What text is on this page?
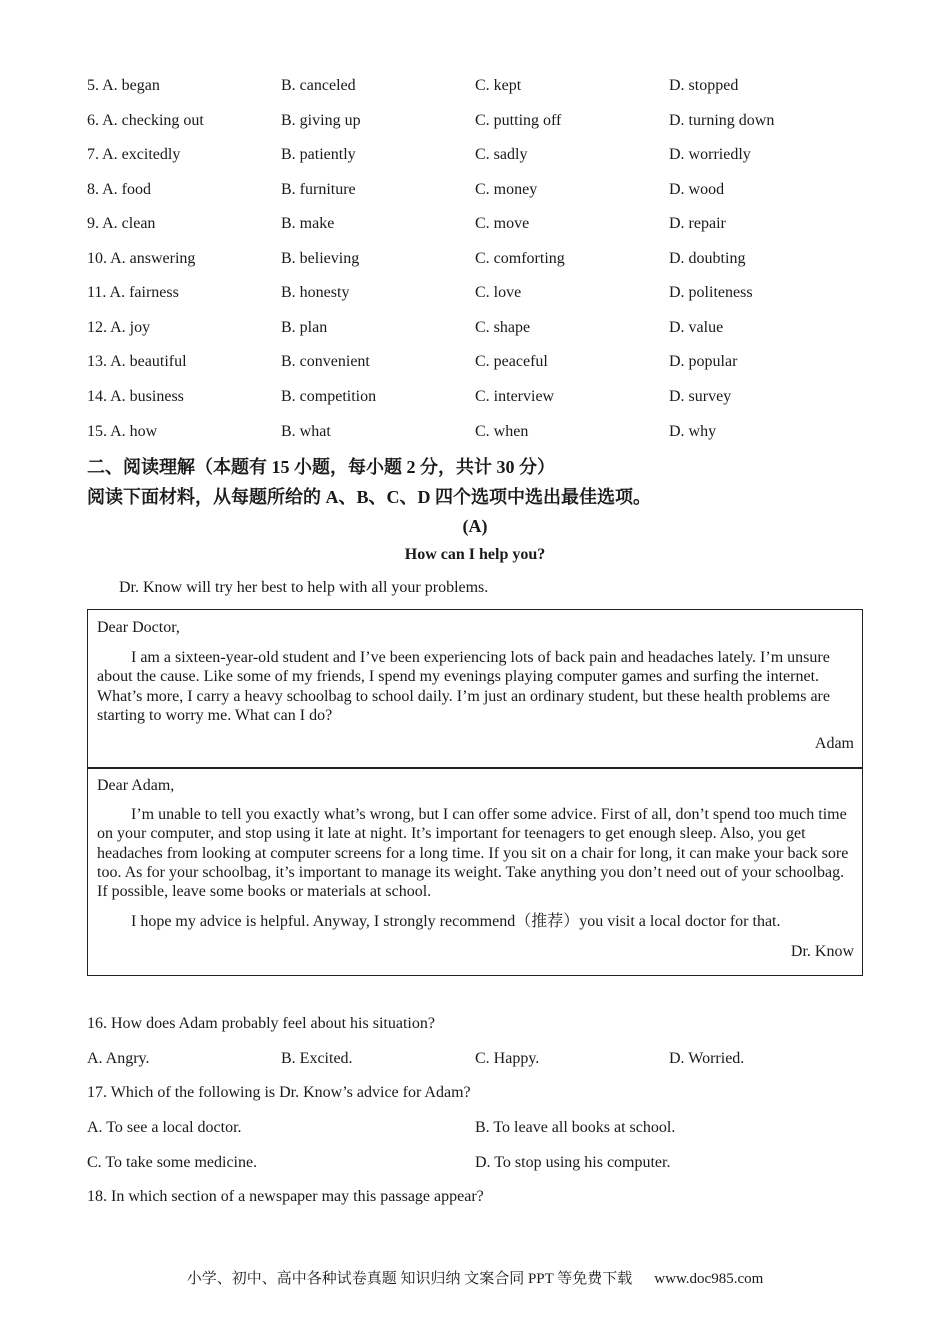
5. A. began	B. canceled	C. kept	D. stopped
6. A. checking out	B. giving up	C. putting off	D. turning down
7. A. excitedly	B. patiently	C. sadly	D. worriedly
8. A. food	B. furniture	C. money	D. wood
9. A. clean	B. make	C. move	D. repair
10. A. answering	B. believing	C. comforting	D. doubting
11. A. fairness	B. honesty	C. love	D. politeness
12. A. joy	B. plan	C. shape	D. value
13. A. beautiful	B. convenient	C. peaceful	D. popular
14. A. business	B. competition	C. interview	D. survey
15. A. how	B. what	C. when	D. why
二、阅读理解（本题有 15 小题，每小题 2 分，共计 30 分）
阅读下面材料，从每题所给的 A、B、C、D 四个选项中选出最佳选项。
(A)
How can I help you?
Dr. Know will try her best to help with all your problems.

Dear Doctor,

I am a sixteen-year-old student and I’ve been experiencing lots of back pain and headaches lately. I’m unsure about the cause. Like some of my friends, I spend my evenings playing computer games and surfing the internet. What’s more, I carry a heavy schoolbag to school daily. I’m just an ordinary student, but these health problems are starting to worry me. What can I do?

Adam

Dear Adam,

I’m unable to tell you exactly what’s wrong, but I can offer some advice. First of all, don’t spend too much time on your computer, and stop using it late at night. It’s important for teenagers to get enough sleep. Also, you get headaches from looking at computer screens for a long time. If you sit on a chair for long, it can make your back sore too. As for your schoolbag, it’s important to manage its weight. Take anything you don’t need out of your schoolbag. If possible, leave some books or materials at school.

I hope my advice is helpful. Anyway, I strongly recommend（推荐）you visit a local doctor for that.

Dr. Know

16. How does Adam probably feel about his situation?
A. Angry.	B. Excited.	C. Happy.	D. Worried.
17. Which of the following is Dr. Know’s advice for Adam?
A. To see a local doctor.	B. To leave all books at school.
C. To take some medicine.	D. To stop using his computer.
18. In which section of a newspaper may this passage appear?
小学、初中、高中各种试卷真题 知识归纳 文案合同 PPT 等免费下载 www.doc985.com
